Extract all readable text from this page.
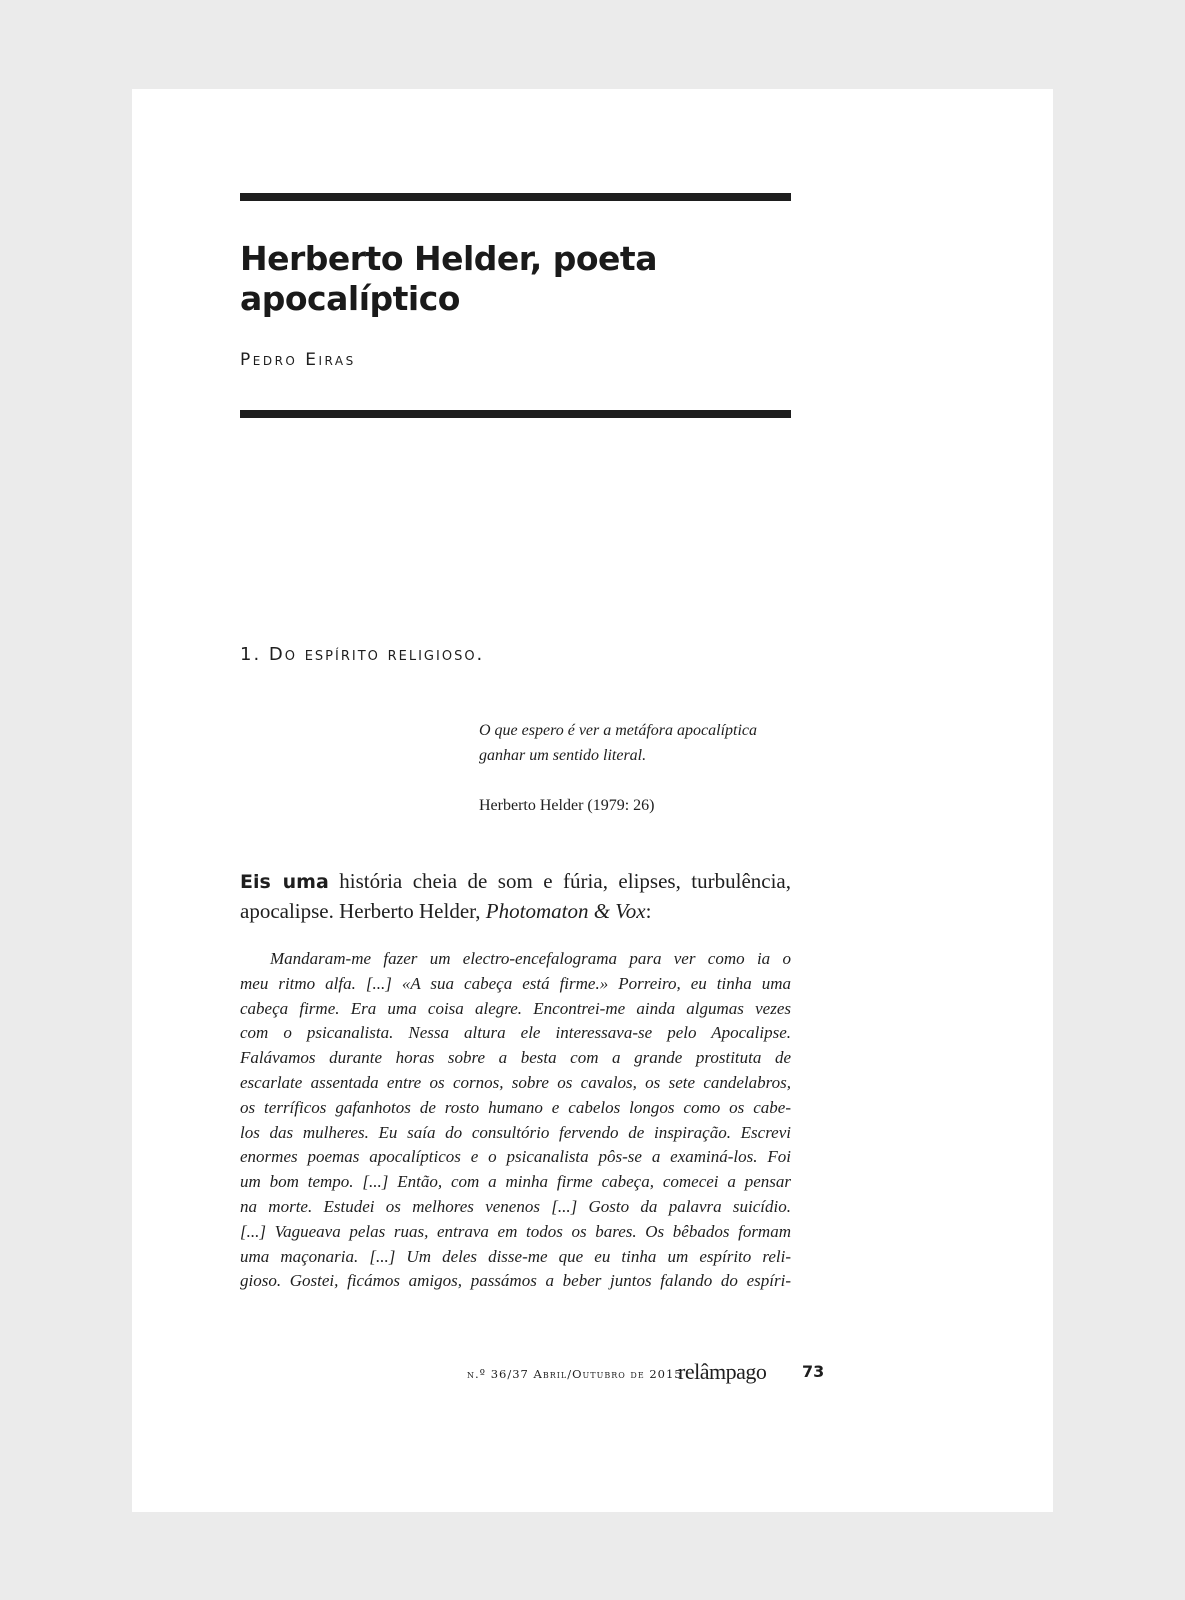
Herberto Helder, poeta
apocalíptico
Pedro Eiras
1. Do espírito religioso.

O que espero é ver a metáfora apocalíptica
ganhar um sentido literal.

Herberto Helder (1979: 26)

Eis uma história cheia de som e fúria, elipses, turbulência, apocalipse. Herberto Helder, Photomaton & Vox:

Mandaram-me fazer um electro-encefalograma para ver como ia o
meu ritmo alfa. [...] «A sua cabeça está firme.» Porreiro, eu tinha uma
cabeça firme. Era uma coisa alegre. Encontrei-me ainda algumas vezes
com o psicanalista. Nessa altura ele interessava-se pelo Apocalipse.
Falávamos durante horas sobre a besta com a grande prostituta de
escarlate assentada entre os cornos, sobre os cavalos, os sete candelabros,
os terríficos gafanhotos de rosto humano e cabelos longos como os cabe-
los das mulheres. Eu saía do consultório fervendo de inspiração. Escrevi
enormes poemas apocalípticos e o psicanalista pôs-se a examiná-los. Foi
um bom tempo. [...] Então, com a minha firme cabeça, comecei a pensar
na morte. Estudei os melhores venenos [...] Gosto da palavra suicídio.
[...] Vagueava pelas ruas, entrava em todos os bares. Os bêbados formam
uma maçonaria. [...] Um deles disse-me que eu tinha um espírito reli-
gioso. Gostei, ficámos amigos, passámos a beber juntos falando do espíri-
n.º 36/37 Abril/Outubro de 2015
relâmpago 73
